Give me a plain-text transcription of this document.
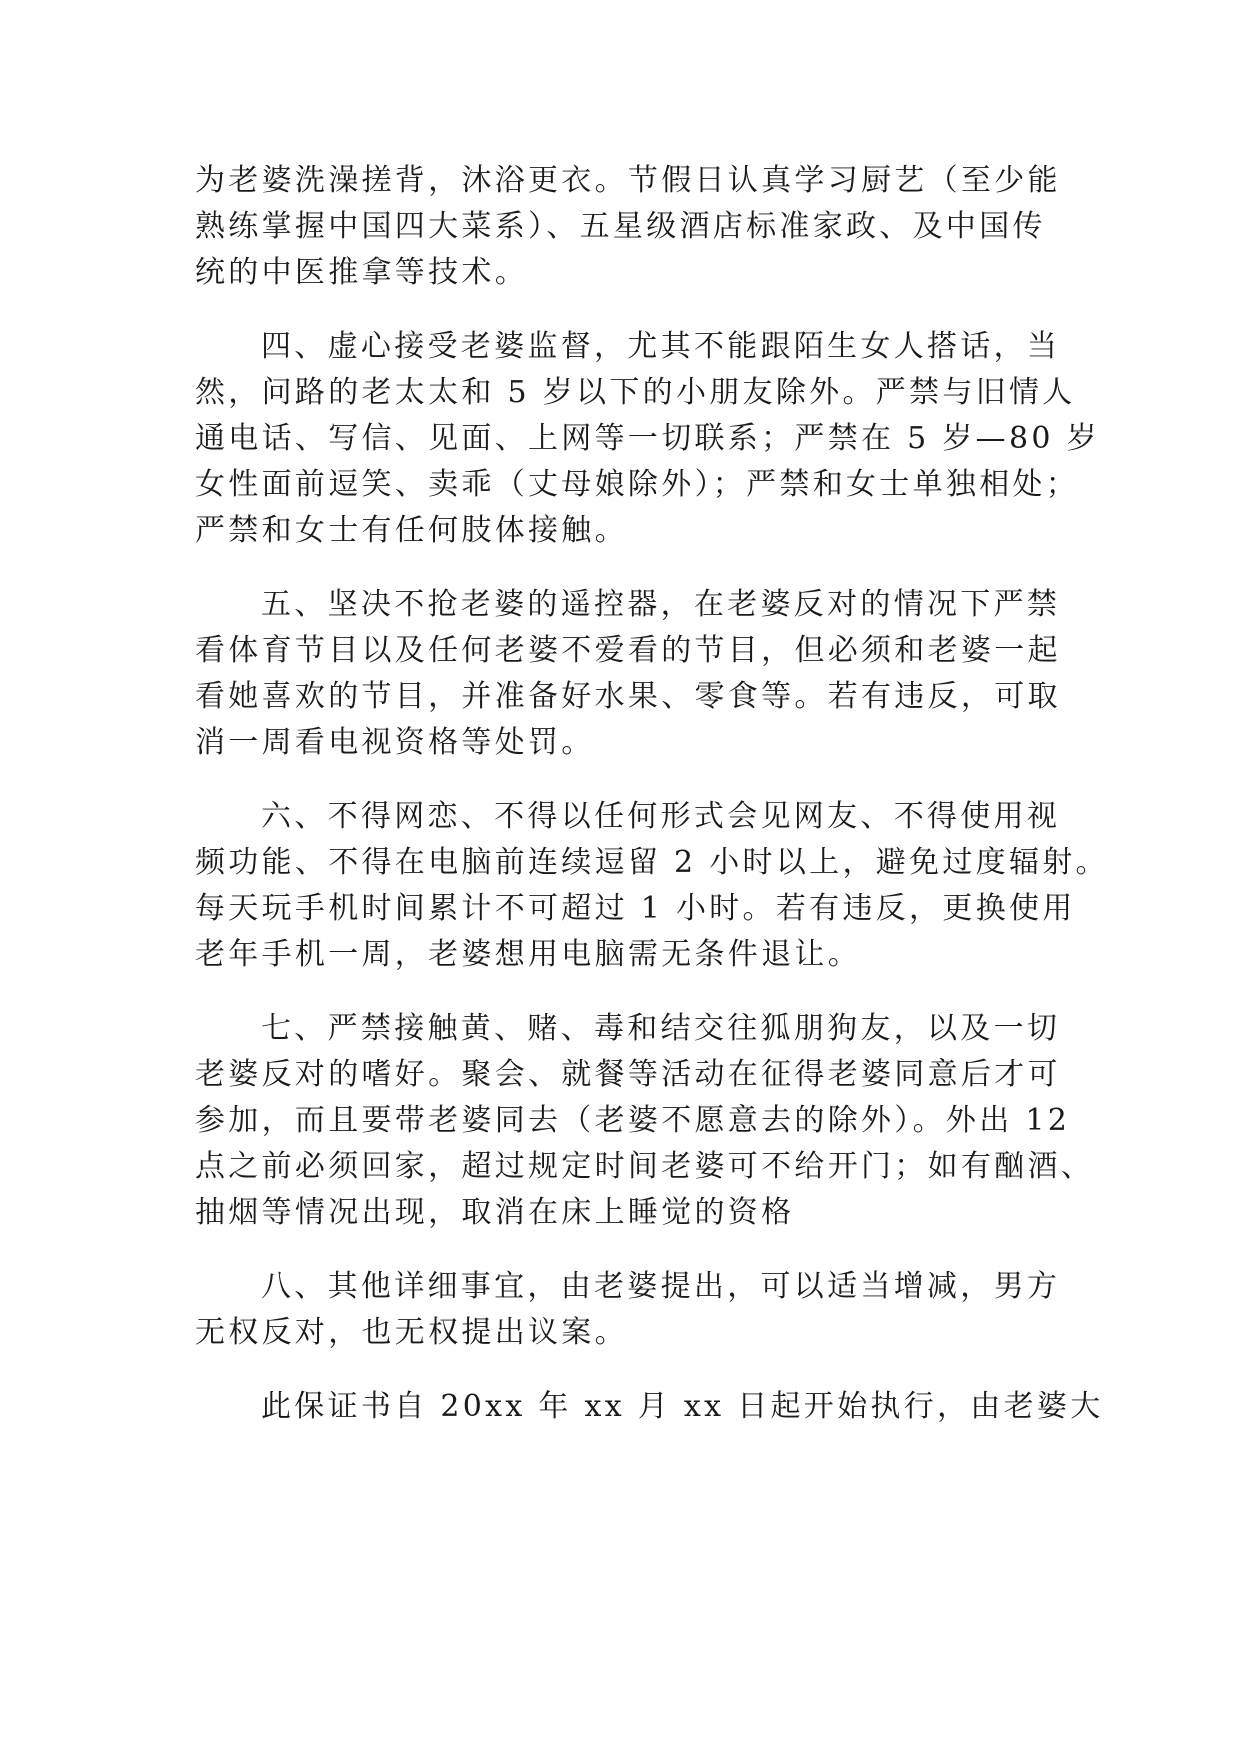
为老婆洗澡搓背，沐浴更衣。节假日认真学习厨艺（至少能
熟练掌握中国四大菜系）、五星级酒店标准家政、及中国传
统的中医推拿等技术。
四、虚心接受老婆监督，尤其不能跟陌生女人搭话，当
然，问路的老太太和 5 岁以下的小朋友除外。严禁与旧情人
通电话、写信、见面、上网等一切联系；严禁在 5 岁—80 岁
女性面前逗笑、卖乖（丈母娘除外）；严禁和女士单独相处；
严禁和女士有任何肢体接触。
五、坚决不抢老婆的遥控器，在老婆反对的情况下严禁
看体育节目以及任何老婆不爱看的节目，但必须和老婆一起
看她喜欢的节目，并准备好水果、零食等。若有违反，可取
消一周看电视资格等处罚。
六、不得网恋、不得以任何形式会见网友、不得使用视
频功能、不得在电脑前连续逗留 2 小时以上，避免过度辐射。
每天玩手机时间累计不可超过 1 小时。若有违反，更换使用
老年手机一周，老婆想用电脑需无条件退让。
七、严禁接触黄、赌、毒和结交往狐朋狗友，以及一切
老婆反对的嗜好。聚会、就餐等活动在征得老婆同意后才可
参加，而且要带老婆同去（老婆不愿意去的除外）。外出 12
点之前必须回家，超过规定时间老婆可不给开门；如有酗酒、
抽烟等情况出现，取消在床上睡觉的资格
八、其他详细事宜，由老婆提出，可以适当增减，男方
无权反对，也无权提出议案。
此保证书自 20xx 年 xx 月 xx 日起开始执行，由老婆大
